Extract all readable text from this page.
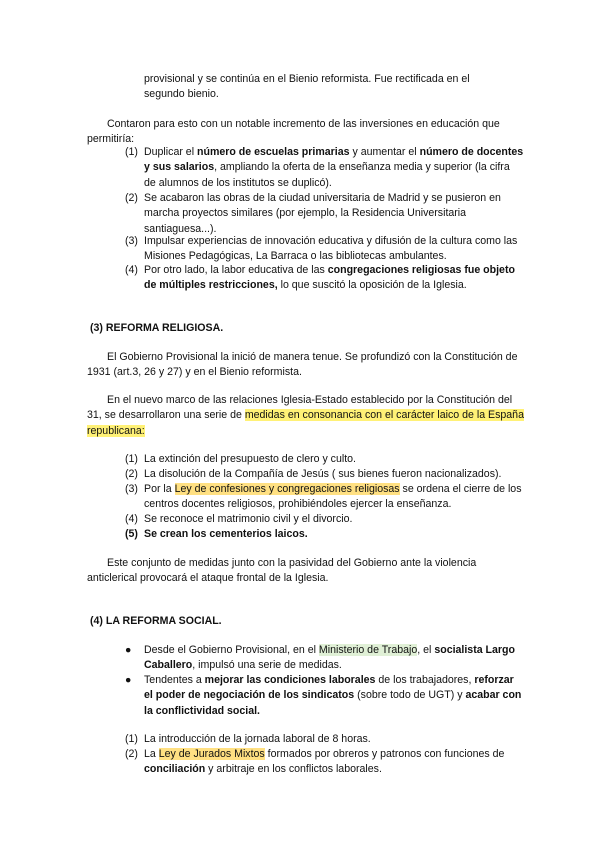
provisional y se continúa en el Bienio reformista. Fue rectificada en el
segundo bienio.
Contaron para esto con un notable incremento de las inversiones en educación que permitiría:
(1) Duplicar el número de escuelas primarias y aumentar el número de docentes y sus salarios, ampliando la oferta de la enseñanza media y superior (la cifra de alumnos de los institutos se duplicó).
(2) Se acabaron las obras de la ciudad universitaria de Madrid y se pusieron en marcha proyectos similares (por ejemplo, la Residencia Universitaria santiaguesa...).
(3) Impulsar experiencias de innovación educativa y difusión de la cultura como las Misiones Pedagógicas, La Barraca o las bibliotecas ambulantes.
(4) Por otro lado, la labor educativa de las congregaciones religiosas fue objeto de múltiples restricciones, lo que suscitó la oposición de la Iglesia.
(3) REFORMA RELIGIOSA.
El Gobierno Provisional la inició de manera tenue. Se profundizó con la Constitución de 1931 (art.3, 26 y 27) y en el Bienio reformista.
En el nuevo marco de las relaciones Iglesia-Estado establecido por la Constitución del 31, se desarrollaron una serie de medidas en consonancia con el carácter laico de la España republicana:
(1) La extinción del presupuesto de clero y culto.
(2) La disolución de la Compañía de Jesús ( sus bienes fueron nacionalizados).
(3) Por la Ley de confesiones y congregaciones religiosas se ordena el cierre de los centros docentes religiosos, prohibiéndoles ejercer la enseñanza.
(4) Se reconoce el matrimonio civil y el divorcio.
(5) Se crean los cementerios laicos.
Este conjunto de medidas junto con la pasividad del Gobierno ante la violencia anticlerical provocará el ataque frontal de la Iglesia.
(4) LA REFORMA SOCIAL.
● Desde el Gobierno Provisional, en el Ministerio de Trabajo, el socialista Largo Caballero, impulsó una serie de medidas.
● Tendentes a mejorar las condiciones laborales de los trabajadores, reforzar el poder de negociación de los sindicatos (sobre todo de UGT) y acabar con la conflictividad social.
(1) La introducción de la jornada laboral de 8 horas.
(2) La Ley de Jurados Mixtos formados por obreros y patronos con funciones de conciliación y arbitraje en los conflictos laborales.
